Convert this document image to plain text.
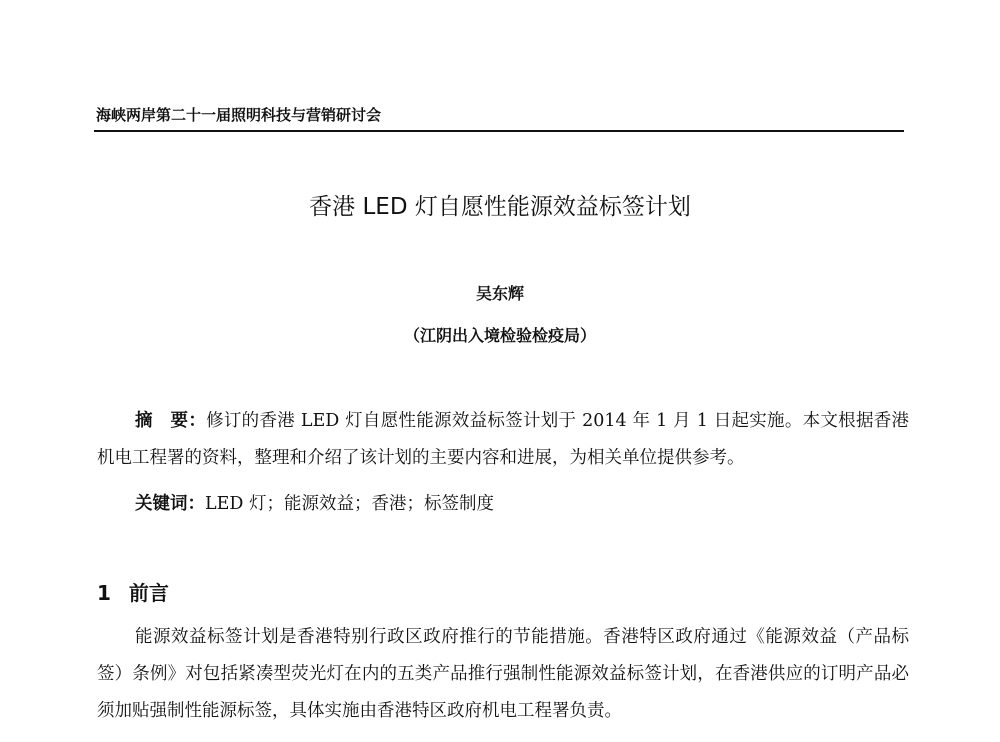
海峡两岸第二十一届照明科技与营销研讨会
香港 LED 灯自愿性能源效益标签计划
吴东辉
（江阴出入境检验检疫局）

摘　要：修订的香港 LED 灯自愿性能源效益标签计划于 2014 年 1 月 1 日起实施。本文根据香港机电工程署的资料，整理和介绍了该计划的主要内容和进展，为相关单位提供参考。

关键词：LED 灯；能源效益；香港；标签制度

1 前言

能源效益标签计划是香港特别行政区政府推行的节能措施。香港特区政府通过《能源效益（产品标签）条例》对包括紧凑型荧光灯在内的五类产品推行强制性能源效益标签计划，在香港供应的订明产品必须加贴强制性能源标签，具体实施由香港特区政府机电工程署负责。
